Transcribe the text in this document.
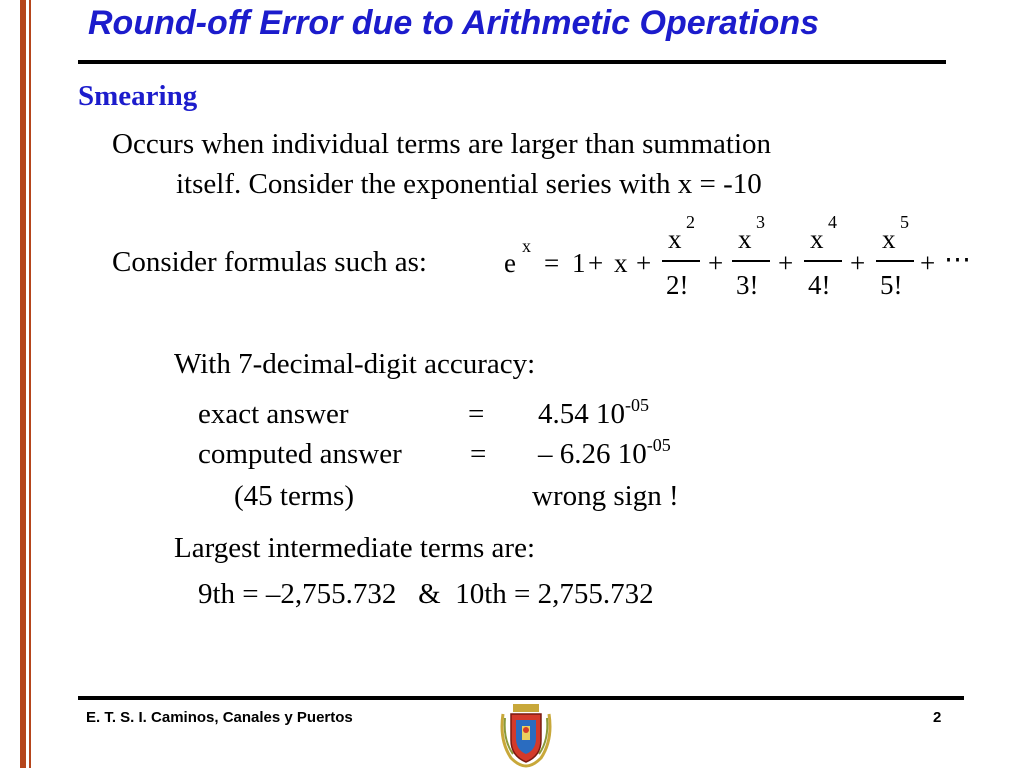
Round-off Error due to Arithmetic Operations
Smearing
Occurs when individual terms are larger than summation
itself. Consider the exponential series with x = -10
Consider formulas such as:	e
x
= 1 + x +
x
2
2!
+
x
3
3!
+
x
4
4!
+
x
5
5!
+ ⋯
With 7-decimal-digit accuracy:
exact answer	= 4.54 $10^{-05}$
computed answer = – 6.26 $10^{-05}$
(45 terms)	wrong sign !
Largest intermediate terms are:
9th = –2,755.732   &  10th = 2,755.732
E. T. S. I. Caminos, Canales y Puertos	2
